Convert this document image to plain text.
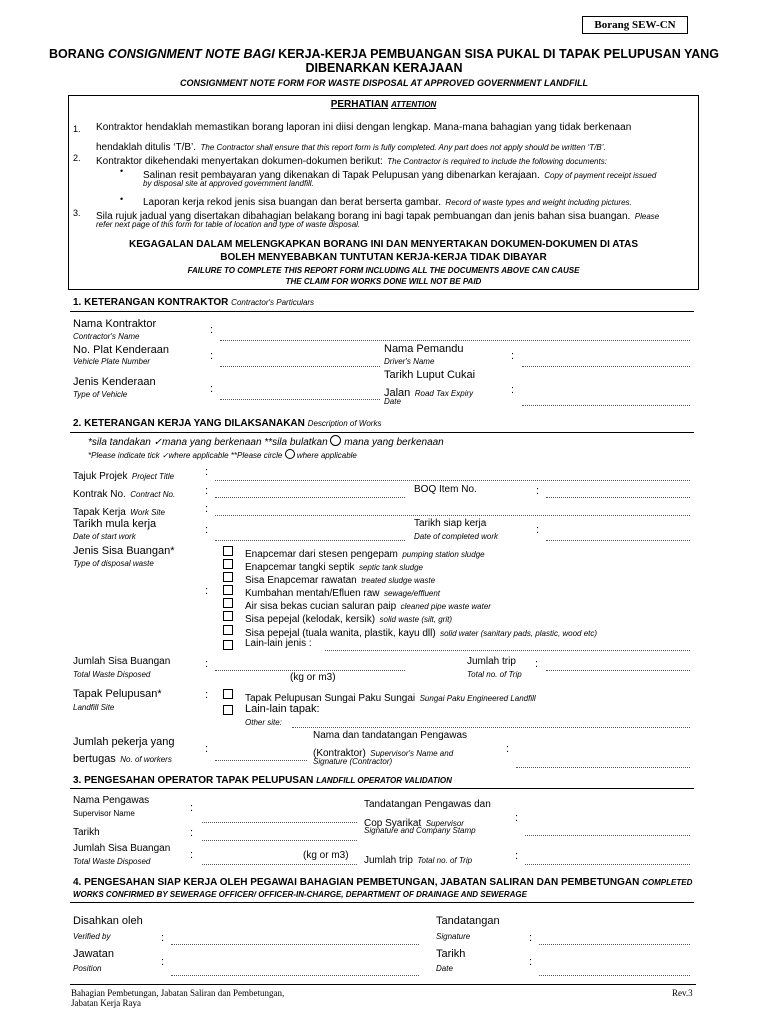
Borang SEW-CN
BORANG CONSIGNMENT NOTE BAGI KERJA-KERJA PEMBUANGAN SISA PUKAL DI TAPAK PELUPUSAN YANG
DIBENARKAN KERAJAAN
CONSIGNMENT NOTE FORM FOR WASTE DISPOSAL AT APPROVED GOVERNMENT LANDFILL
PERHATIAN ATTENTION
1. Kontraktor hendaklah memastikan borang laporan ini diisi dengan lengkap. Mana-mana bahagian yang tidak berkenaan
hendaklah ditulis ‘T/B’. The Contractor shall ensure that this report form is fully completed. Any part does not apply should be written ‘T/B’.
2. Kontraktor dikehendaki menyertakan dokumen-dokumen berikut: The Contractor is required to include the following documents:
• Salinan resit pembayaran yang dikenakan di Tapak Pelupusan yang dibenarkan kerajaan. Copy of payment receipt issued
by disposal site at approved government landfill.
• Laporan kerja rekod jenis sisa buangan dan berat berserta gambar. Record of waste types and weight including pictures.
3. Sila rujuk jadual yang disertakan dibahagian belakang borang ini bagi tapak pembuangan dan jenis bahan sisa buangan. Please
refer next page of this form for table of location and type of waste disposal.
KEGAGALAN DALAM MELENGKAPKAN BORANG INI DAN MENYERTAKAN DOKUMEN-DOKUMEN DI ATAS
BOLEH MENYEBABKAN TUNTUTAN KERJA-KERJA TIDAK DIBAYAR
FAILURE TO COMPLETE THIS REPORT FORM INCLUDING ALL THE DOCUMENTS ABOVE CAN CAUSE
THE CLAIM FOR WORKS DONE WILL NOT BE PAID
1. KETERANGAN KONTRAKTOR Contractor's Particulars
Nama Kontraktor
Contractor's Name
:
No. Plat Kenderaan
Vehicle Plate Number	:
Nama Pemandu
Driver's Name	:
Tarikh Luput Cukai
Jalan Road Tax Expiry
Date
:
Jenis Kenderaan
Type of Vehicle	:
2. KETERANGAN KERJA YANG DILAKSANAKAN Description of Works
*sila tandakan ✓mana yang berkenaan **sila bulatkan  mana yang berkenaan
*Please indicate tick ✓where applicable **Please circle  where applicable
Tajuk Projek Project Title	:
Kontrak No. Contract No.	:	BOQ Item No.	:
Tapak Kerja Work Site	:
Tarikh mula kerja
Date of start work
:
Tarikh siap kerja
Date of completed work
:
Jenis Sisa Buangan*
Type of disposal waste
:
Enapcemar dari stesen pengepam pumping station sludge
Enapcemar tangki septik septic tank sludge
Sisa Enapcemar rawatan treated sludge waste
Kumbahan mentah/Efluen raw sewage/effluent
Air sisa bekas cucian saluran paip cleaned pipe waste water
Sisa pepejal (kelodak, kersik) solid waste (silt, grit)
Sisa pepejal (tuala wanita, plastik, kayu dll) solid water (sanitary pads, plastic, wood etc)
Lain-lain jenis :
Jumlah Sisa Buangan
Total Waste Disposed
:
(kg or m3)
Jumlah trip
Total no. of Trip
:
Tapak Pelupusan*
Landfill Site
:	Tapak Pelupusan Sungai Paku Sungai Sungai Paku Engineered Landfill
Lain-lain tapak:
Other site:
Jumlah pekerja yang
bertugas No. of workers
:
Nama dan tandatangan Pengawas
(Kontraktor) Supervisor's Name and
Signature (Contractor)
:
3. PENGESAHAN OPERATOR TAPAK PELUPUSAN LANDFILL OPERATOR VALIDATION
Nama Pengawas
Supervisor Name	:	Tandatangan Pengawas dan
Cop Syarikat Supervisor
Signature and Company Stamp
:
Tarikh	:
Jumlah Sisa Buangan
Total Waste Disposed
:	(kg or m3) Jumlah trip Total no. of Trip	:
4. PENGESAHAN SIAP KERJA OLEH PEGAWAI BAHAGIAN PEMBETUNGAN, JABATAN SALIRAN DAN PEMBETUNGAN COMPLETED
WORKS CONFIRMED BY SEWERAGE OFFICER/ OFFICER-IN-CHARGE, DEPARTMENT OF DRAINAGE AND SEWERAGE
Disahkan oleh
Verified by	:
Tandatangan
Signature	:
Jawatan
Position
:
Tarikh
Date
:
Bahagian Pembetungan, Jabatan Saliran dan Pembetungan,
Jabatan Kerja Raya
Rev.3
